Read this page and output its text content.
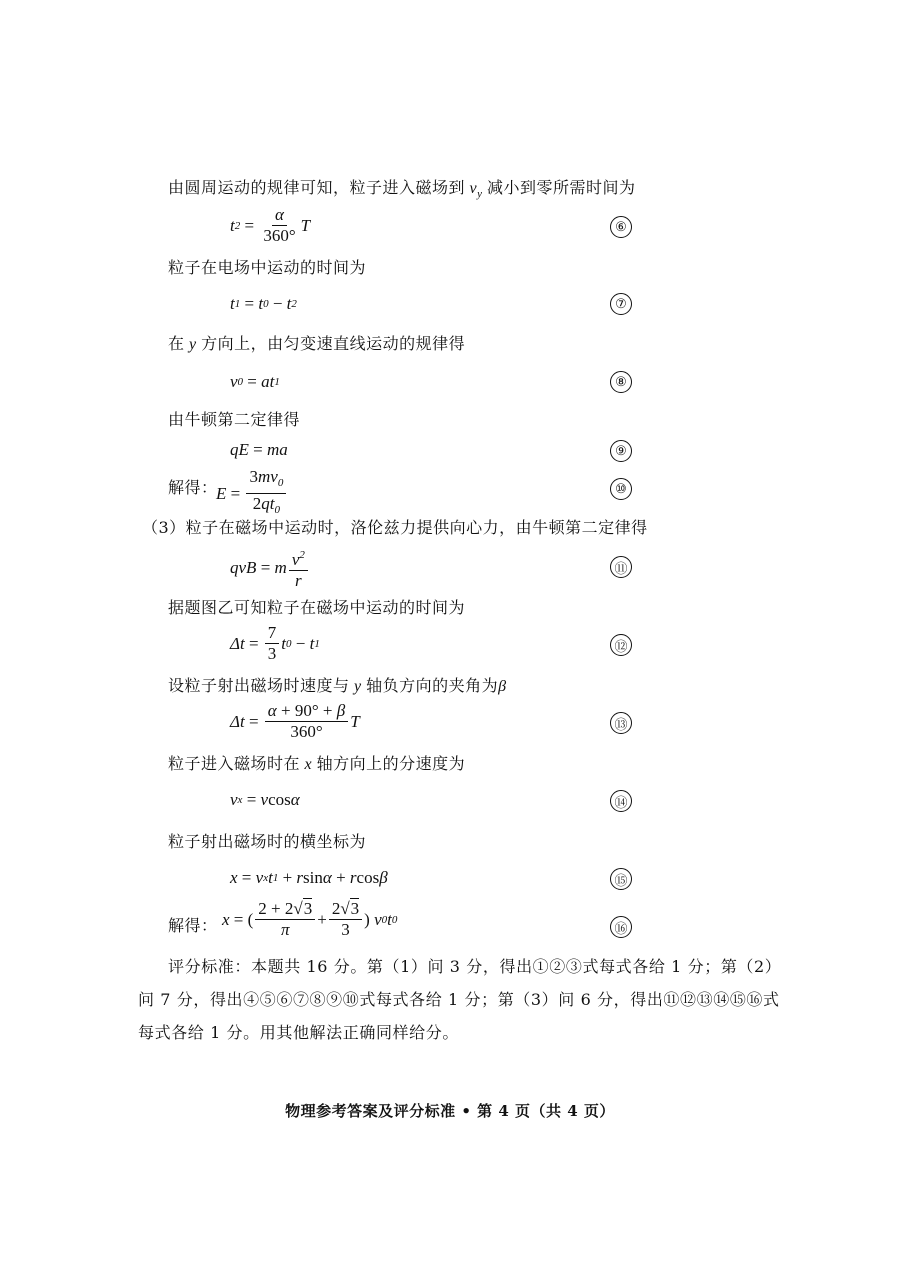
由圆周运动的规律可知，粒子进入磁场到 $v_y$ 减小到零所需时间为
t 2
=
$\frac{\alpha}{360^\circ}$ T	⑥
粒子在电场中运动的时间为
t 1
= t 0
− t 2	⑦
在 y 方向上，由匀变速直线运动的规律得
v 0
= at 1	⑧
由牛顿第二定律得
qE = ma	⑨
解得：
E =
$\frac{3mv_0}{2qt_0}$	⑩
（3）粒子在磁场中运动时，洛伦兹力提供向心力，由牛顿第二定律得
qvB = m $\frac{v^2}{r}$	⑪
据题图乙可知粒子在磁场中运动的时间为
Δt =
$\frac{7}{3}$ t 0
− t 1	⑫
设粒子射出磁场时速度与 y 轴负方向的夹角为β
Δt =
$\frac{\alpha + 90^\circ + \beta}{360^\circ}$ T	⑬
粒子进入磁场时在 x 轴方向上的分速度为
v x
= v cos α	⑭
粒子射出磁场时的横坐标为
x = v x t 1
+ r sin α + r cos β	⑮
解得： x = ( $\frac{2 + 2√3}{\pi} + \frac{2√3}{3}$ ) v 0 t 0
⑯
评分标准：本题共 16 分。第（1）问 3 分，得出①②③式每式各给 1 分；第（2）问 7 分，得出④⑤⑥⑦⑧⑨⑩式每式各给 1 分；第（3）问 6 分，得出⑪⑫⑬⑭⑮⑯式每式各给 1 分。用其他解法正确同样给分。
物理参考答案及评分标准 • 第 4 页（共 4 页）
